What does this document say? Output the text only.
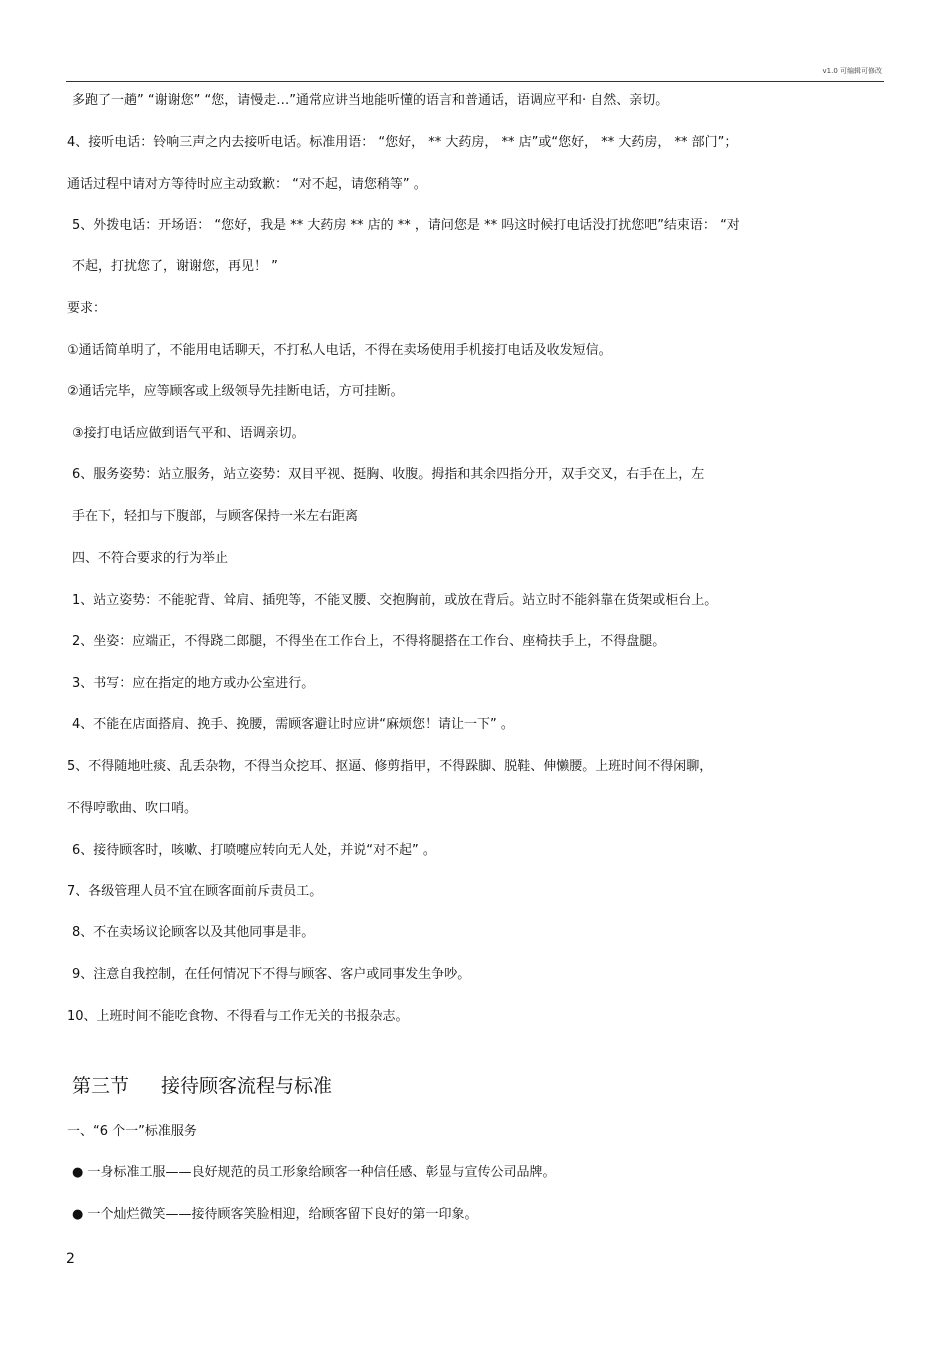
v1.0 可编辑可修改
多跑了一趟” “谢谢您” “您，请慢走…”通常应讲当地能听懂的语言和普通话，语调应平和· 自然、亲切。
4、接听电话：铃响三声之内去接听电话。标准用语： “您好， ** 大药房， ** 店”或“您好， ** 大药房， ** 部门”；
通话过程中请对方等待时应主动致歉： “对不起，请您稍等” 。
5、外拨电话：开场语： “您好，我是 ** 大药房 ** 店的 ** ，请问您是 ** 吗这时候打电话没打扰您吧”结束语： “对
不起，打扰您了，谢谢您，再见！ ”
要求：
①通话简单明了，不能用电话聊天，不打私人电话，不得在卖场使用手机接打电话及收发短信。
②通话完毕，应等顾客或上级领导先挂断电话，方可挂断。
③接打电话应做到语气平和、语调亲切。
6、服务姿势：站立服务，站立姿势：双目平视、挺胸、收腹。拇指和其余四指分开，双手交叉，右手在上，左
手在下，轻扣与下腹部，与顾客保持一米左右距离
四、不符合要求的行为举止
1、站立姿势：不能驼背、耸肩、插兜等，不能叉腰、交抱胸前，或放在背后。站立时不能斜靠在货架或柜台上。
2、坐姿：应端正，不得跷二郎腿，不得坐在工作台上，不得将腿搭在工作台、座椅扶手上，不得盘腿。
3、书写：应在指定的地方或办公室进行。
4、不能在店面搭肩、挽手、挽腰，需顾客避让时应讲“麻烦您！请让一下” 。
5、不得随地吐痰、乱丢杂物，不得当众挖耳、抠逼、修剪指甲，不得跺脚、脱鞋、伸懒腰。上班时间不得闲聊，
不得哼歌曲、吹口哨。
6、接待顾客时，咳嗽、打喷嚏应转向无人处，并说“对不起” 。
7、各级管理人员不宜在顾客面前斥责员工。
8、不在卖场议论顾客以及其他同事是非。
9、注意自我控制，在任何情况下不得与顾客、客户或同事发生争吵。
10、上班时间不能吃食物、不得看与工作无关的书报杂志。
第三节 接待顾客流程与标准
一、“6 个一”标准服务
● 一身标准工服——良好规范的员工形象给顾客一种信任感、彰显与宣传公司品牌。
● 一个灿烂微笑——接待顾客笑脸相迎，给顾客留下良好的第一印象。
2
